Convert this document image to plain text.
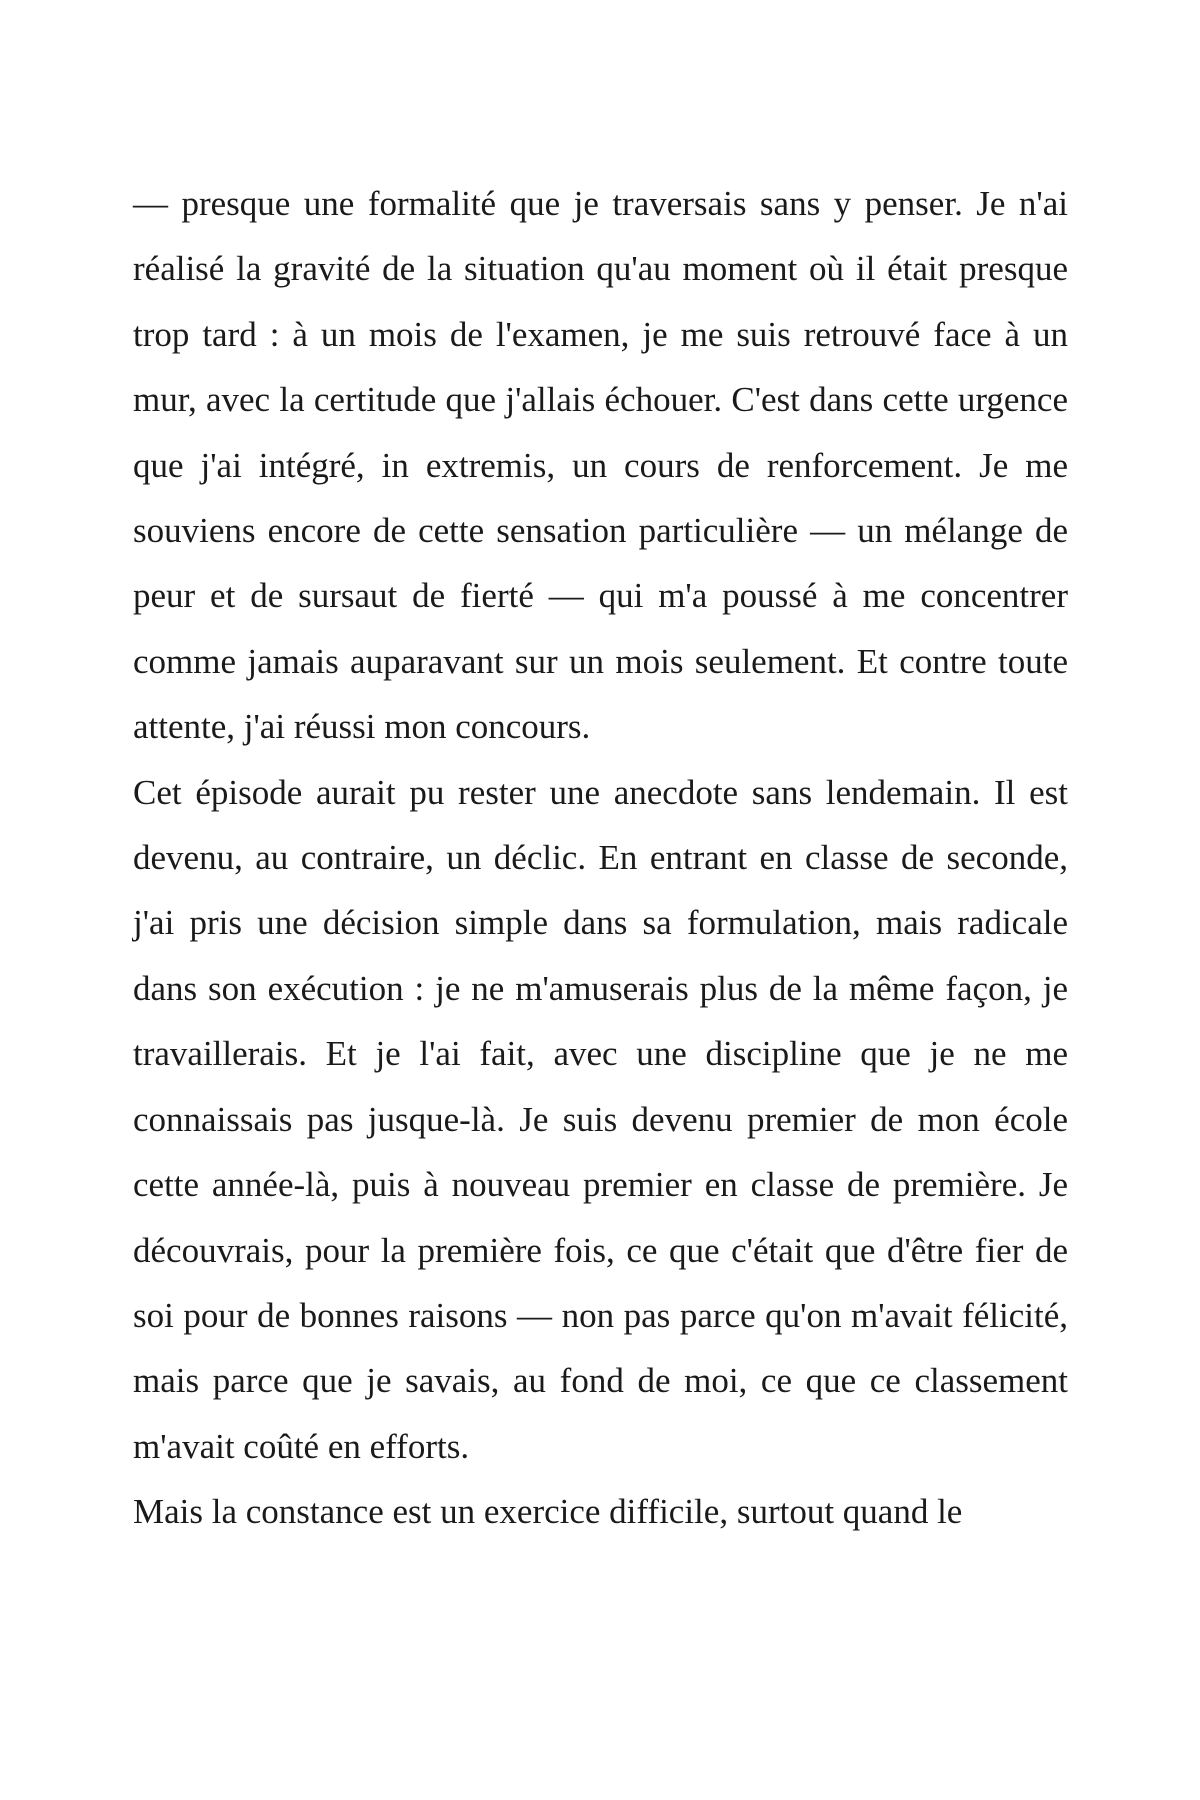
— presque une formalité que je traversais sans y penser. Je n'ai réalisé la gravité de la situation qu'au moment où il était presque trop tard : à un mois de l'examen, je me suis retrouvé face à un mur, avec la certitude que j'allais échouer. C'est dans cette urgence que j'ai intégré, in extremis, un cours de renforcement. Je me souviens encore de cette sensation particulière — un mélange de peur et de sursaut de fierté — qui m'a poussé à me concentrer comme jamais auparavant sur un mois seulement. Et contre toute attente, j'ai réussi mon concours.

Cet épisode aurait pu rester une anecdote sans lendemain. Il est devenu, au contraire, un déclic. En entrant en classe de seconde, j'ai pris une décision simple dans sa formulation, mais radicale dans son exécution : je ne m'amuserais plus de la même façon, je travaillerais. Et je l'ai fait, avec une discipline que je ne me connaissais pas jusque-là. Je suis devenu premier de mon école cette année-là, puis à nouveau premier en classe de première. Je découvrais, pour la première fois, ce que c'était que d'être fier de soi pour de bonnes raisons — non pas parce qu'on m'avait félicité, mais parce que je savais, au fond de moi, ce que ce classement m'avait coûté en efforts.

Mais la constance est un exercice difficile, surtout quand le
